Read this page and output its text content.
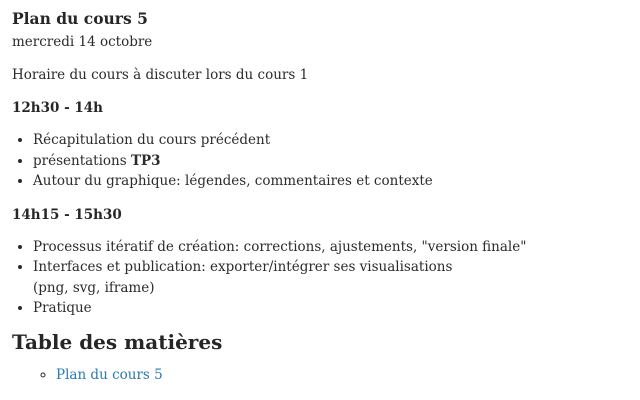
Plan du cours 5

mercredi 14 octobre

Horaire du cours à discuter lors du cours 1

12h30 - 14h

• Récapitulation du cours précédent
• présentations TP3
• Autour du graphique: légendes, commentaires et contexte

14h15 - 15h30

• Processus itératif de création: corrections, ajustements, "version finale"
• Interfaces et publication: exporter/intégrer ses visualisations (png, svg, iframe)
• Pratique
Table des matières
◦ Plan du cours 5
